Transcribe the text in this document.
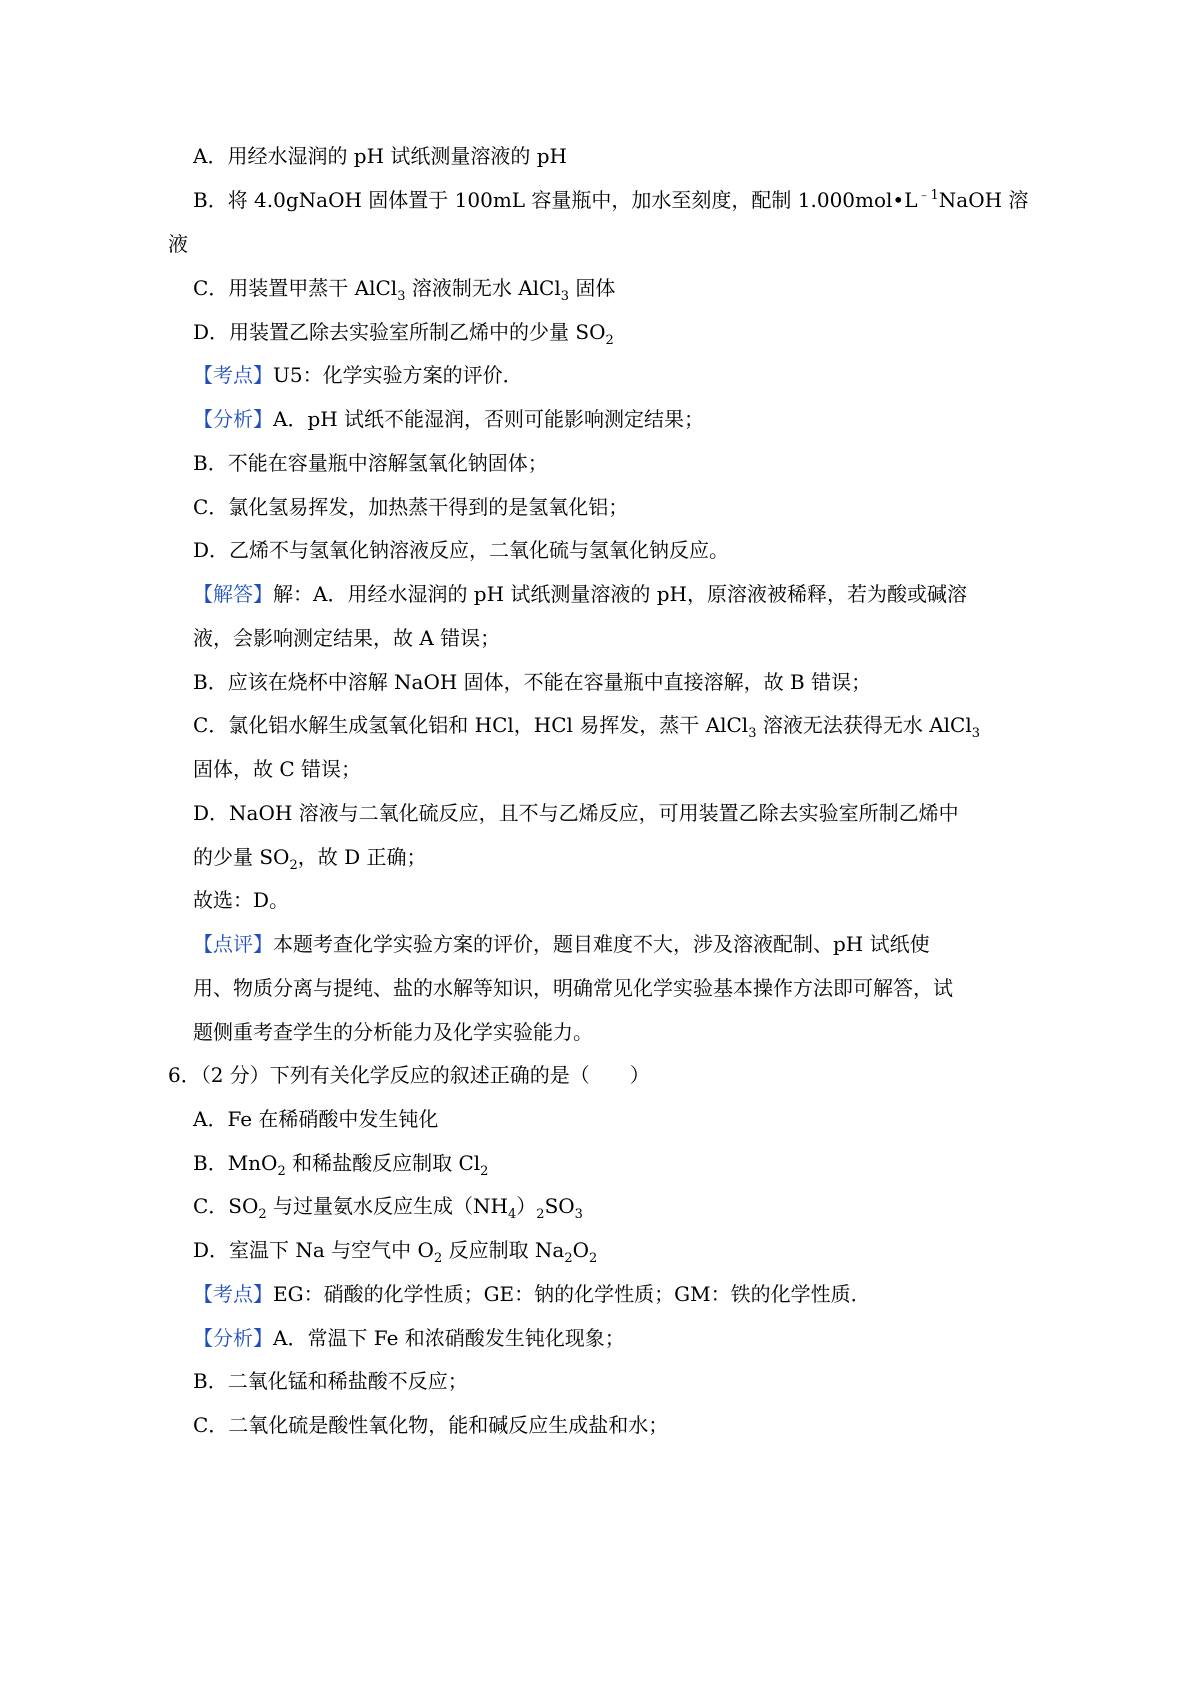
A．用经水湿润的 pH 试纸测量溶液的 pH
B．将 4.0gNaOH 固体置于 100mL 容量瓶中，加水至刻度，配制 $1.000mol•L^{﹣1}NaOH$ 溶
液
C．用装置甲蒸干 AlCl$_3$ 溶液制无水 AlCl$_3$ 固体
D．用装置乙除去实验室所制乙烯中的少量 $SO_2$
【考点】U5：化学实验方案的评价．
【分析】A．pH 试纸不能湿润，否则可能影响测定结果；
B．不能在容量瓶中溶解氢氧化钠固体；
C．氯化氢易挥发，加热蒸干得到的是氢氧化铝；
D．乙烯不与氢氧化钠溶液反应，二氧化硫与氢氧化钠反应。
【解答】解：A．用经水湿润的 pH 试纸测量溶液的 pH，原溶液被稀释，若为酸或碱溶
液，会影响测定结果，故 A 错误；
B．应该在烧杯中溶解 NaOH 固体，不能在容量瓶中直接溶解，故 B 错误；
C．氯化铝水解生成氢氧化铝和 HCl，HCl 易挥发，蒸干 AlCl$_3$ 溶液无法获得无水 AlCl$_3$
固体，故 C 错误；
D．NaOH 溶液与二氧化硫反应，且不与乙烯反应，可用装置乙除去实验室所制乙烯中
的少量 $SO_2$，故 D 正确；
故选：D。
【点评】本题考查化学实验方案的评价，题目难度不大，涉及溶液配制、pH 试纸使
用、物质分离与提纯、盐的水解等知识，明确常见化学实验基本操作方法即可解答，试
题侧重考查学生的分析能力及化学实验能力。
6．（2 分）下列有关化学反应的叙述正确的是（　　）
A．Fe 在稀硝酸中发生钝化
B．MnO$_2$ 和稀盐酸反应制取 $Cl_2$
C．$SO_2$ 与过量氨水反应生成$(NH_4)_2SO_3$
D．室温下 Na 与空气中 $O_2$ 反应制取 $Na_2O_2$
【考点】EG：硝酸的化学性质；GE：钠的化学性质；GM：铁的化学性质．
【分析】A．常温下 Fe 和浓硝酸发生钝化现象；
B．二氧化锰和稀盐酸不反应；
C．二氧化硫是酸性氧化物，能和碱反应生成盐和水；
